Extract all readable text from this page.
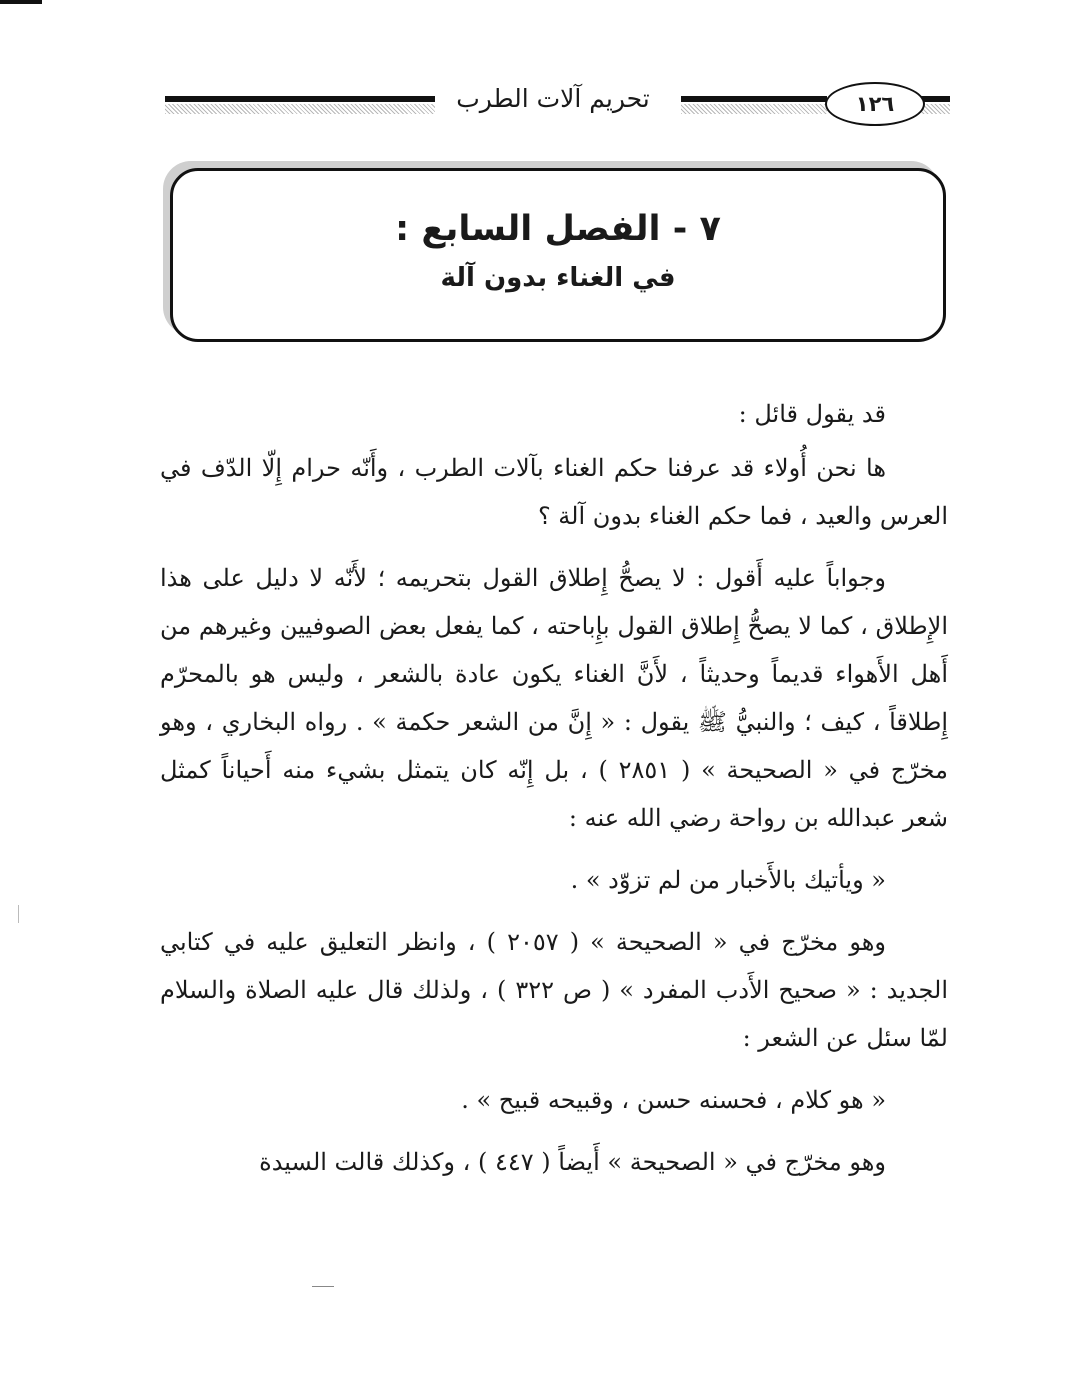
تحريم آلات الطرب	١٢٦
٧ - الفصل السابع :
في الغناء بدون آلة

قد يقول قائل :

ها نحن أُولاء قد عرفنا حكم الغناء بآلات الطرب ، وأَنّه حرام إِلّا الدّف في العرس والعيد ، فما حكم الغناء بدون آلة ؟

وجواباً عليه أَقول : لا يصحُّ إِطلاق القول بتحريمه ؛ لأَنّه لا دليل على هذا الإِطلاق ، كما لا يصحُّ إِطلاق القول بإِباحته ، كما يفعل بعض الصوفيين وغيرهم من أَهل الأَهواء قديماً وحديثاً ، لأَنَّ الغناء يكون عادة بالشعر ، وليس هو بالمحرّم إِطلاقاً ، كيف ؛ والنبيُّ ﷺ يقول : « إِنَّ من الشعر حكمة » . رواه البخاري ، وهو مخرّج في « الصحيحة » ( ٢٨٥١ ) ، بل إِنّه كان يتمثل بشيء منه أَحياناً كمثل شعر عبدالله بن رواحة رضي الله عنه :

« ويأتيك بالأَخبار من لم تزوّد » .

وهو مخرّج في « الصحيحة » ( ٢٠٥٧ ) ، وانظر التعليق عليه في كتابي الجديد : « صحيح الأَدب المفرد » ( ص ٣٢٢ ) ، ولذلك قال عليه الصلاة والسلام لمّا سئل عن الشعر :

« هو كلام ، فحسنه حسن ، وقبيحه قبيح » .

وهو مخرّج في « الصحيحة » أَيضاً ( ٤٤٧ ) ، وكذلك قالت السيدة
